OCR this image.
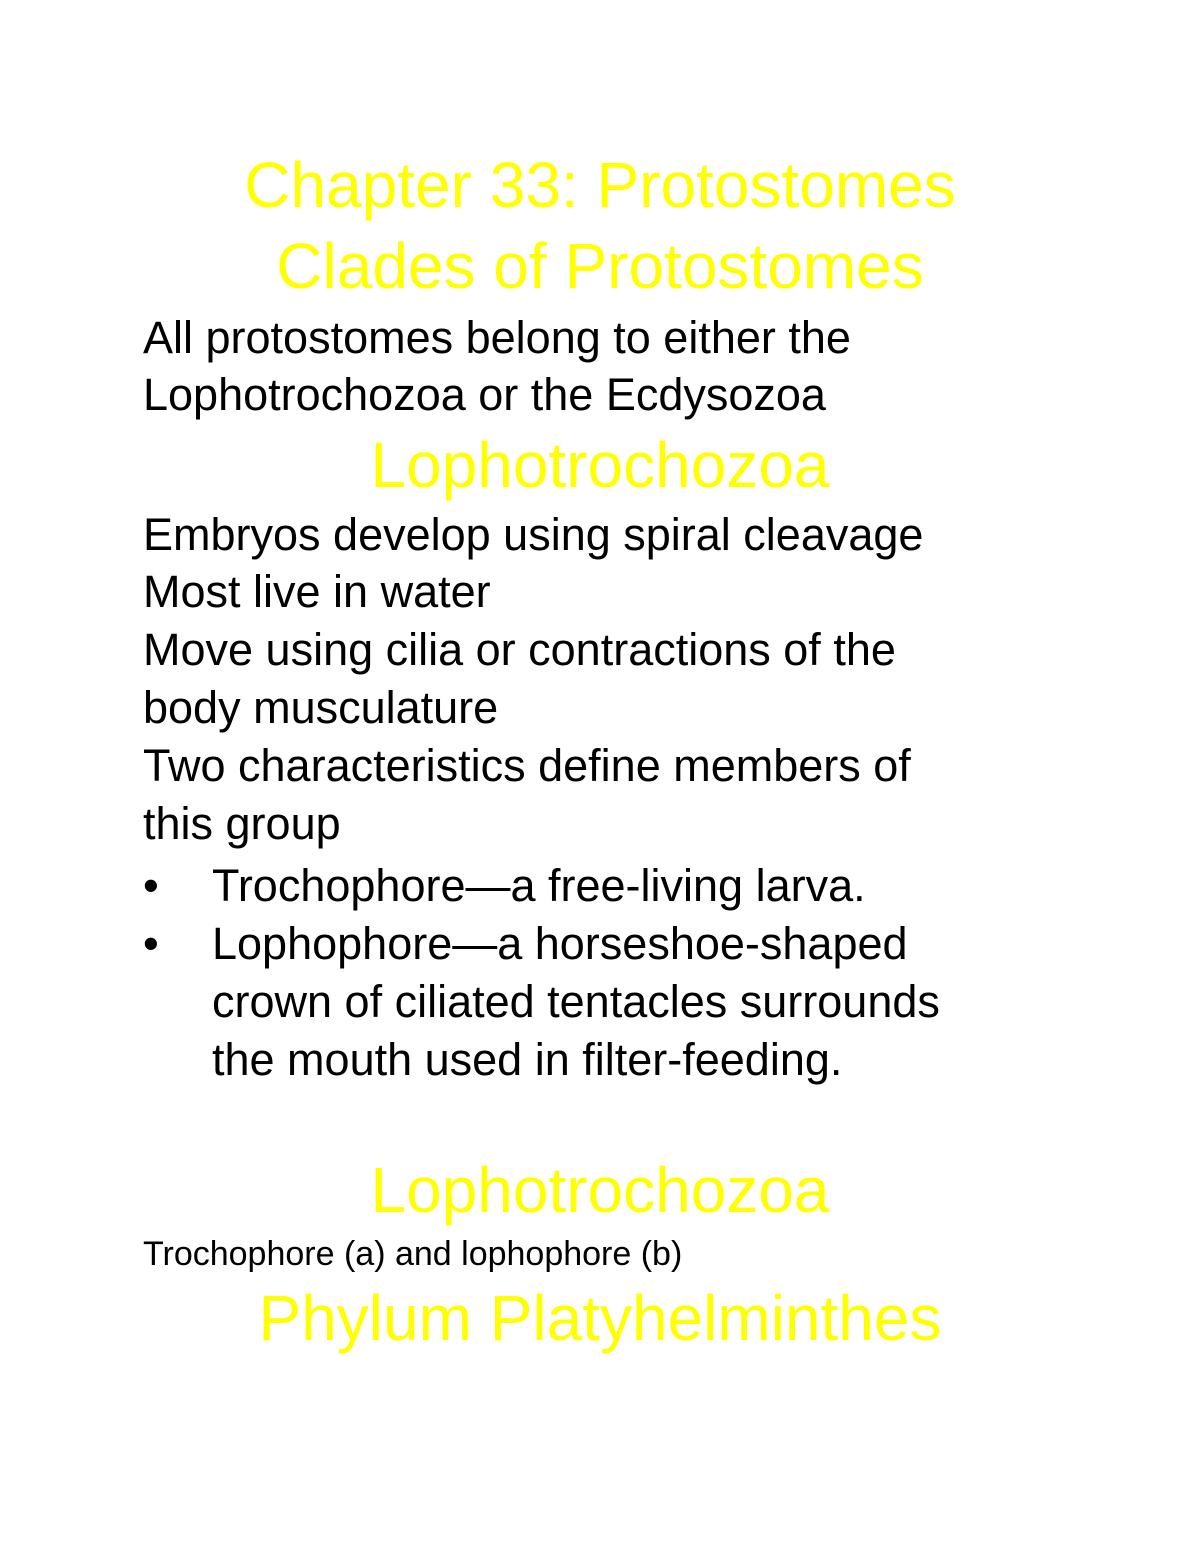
Chapter 33: Protostomes
Clades of Protostomes
All protostomes belong to either the
Lophotrochozoa or the Ecdysozoa
Lophotrochozoa
Embryos develop using spiral cleavage
Most live in water
Move using cilia or contractions of the
body musculature
Two characteristics define members of
this group
• Trochophore—a free-living larva.
• Lophophore—a horseshoe-shaped
crown of ciliated tentacles surrounds
the mouth used in filter-feeding.
Lophotrochozoa
Trochophore (a) and lophophore (b)
Phylum Platyhelminthes
